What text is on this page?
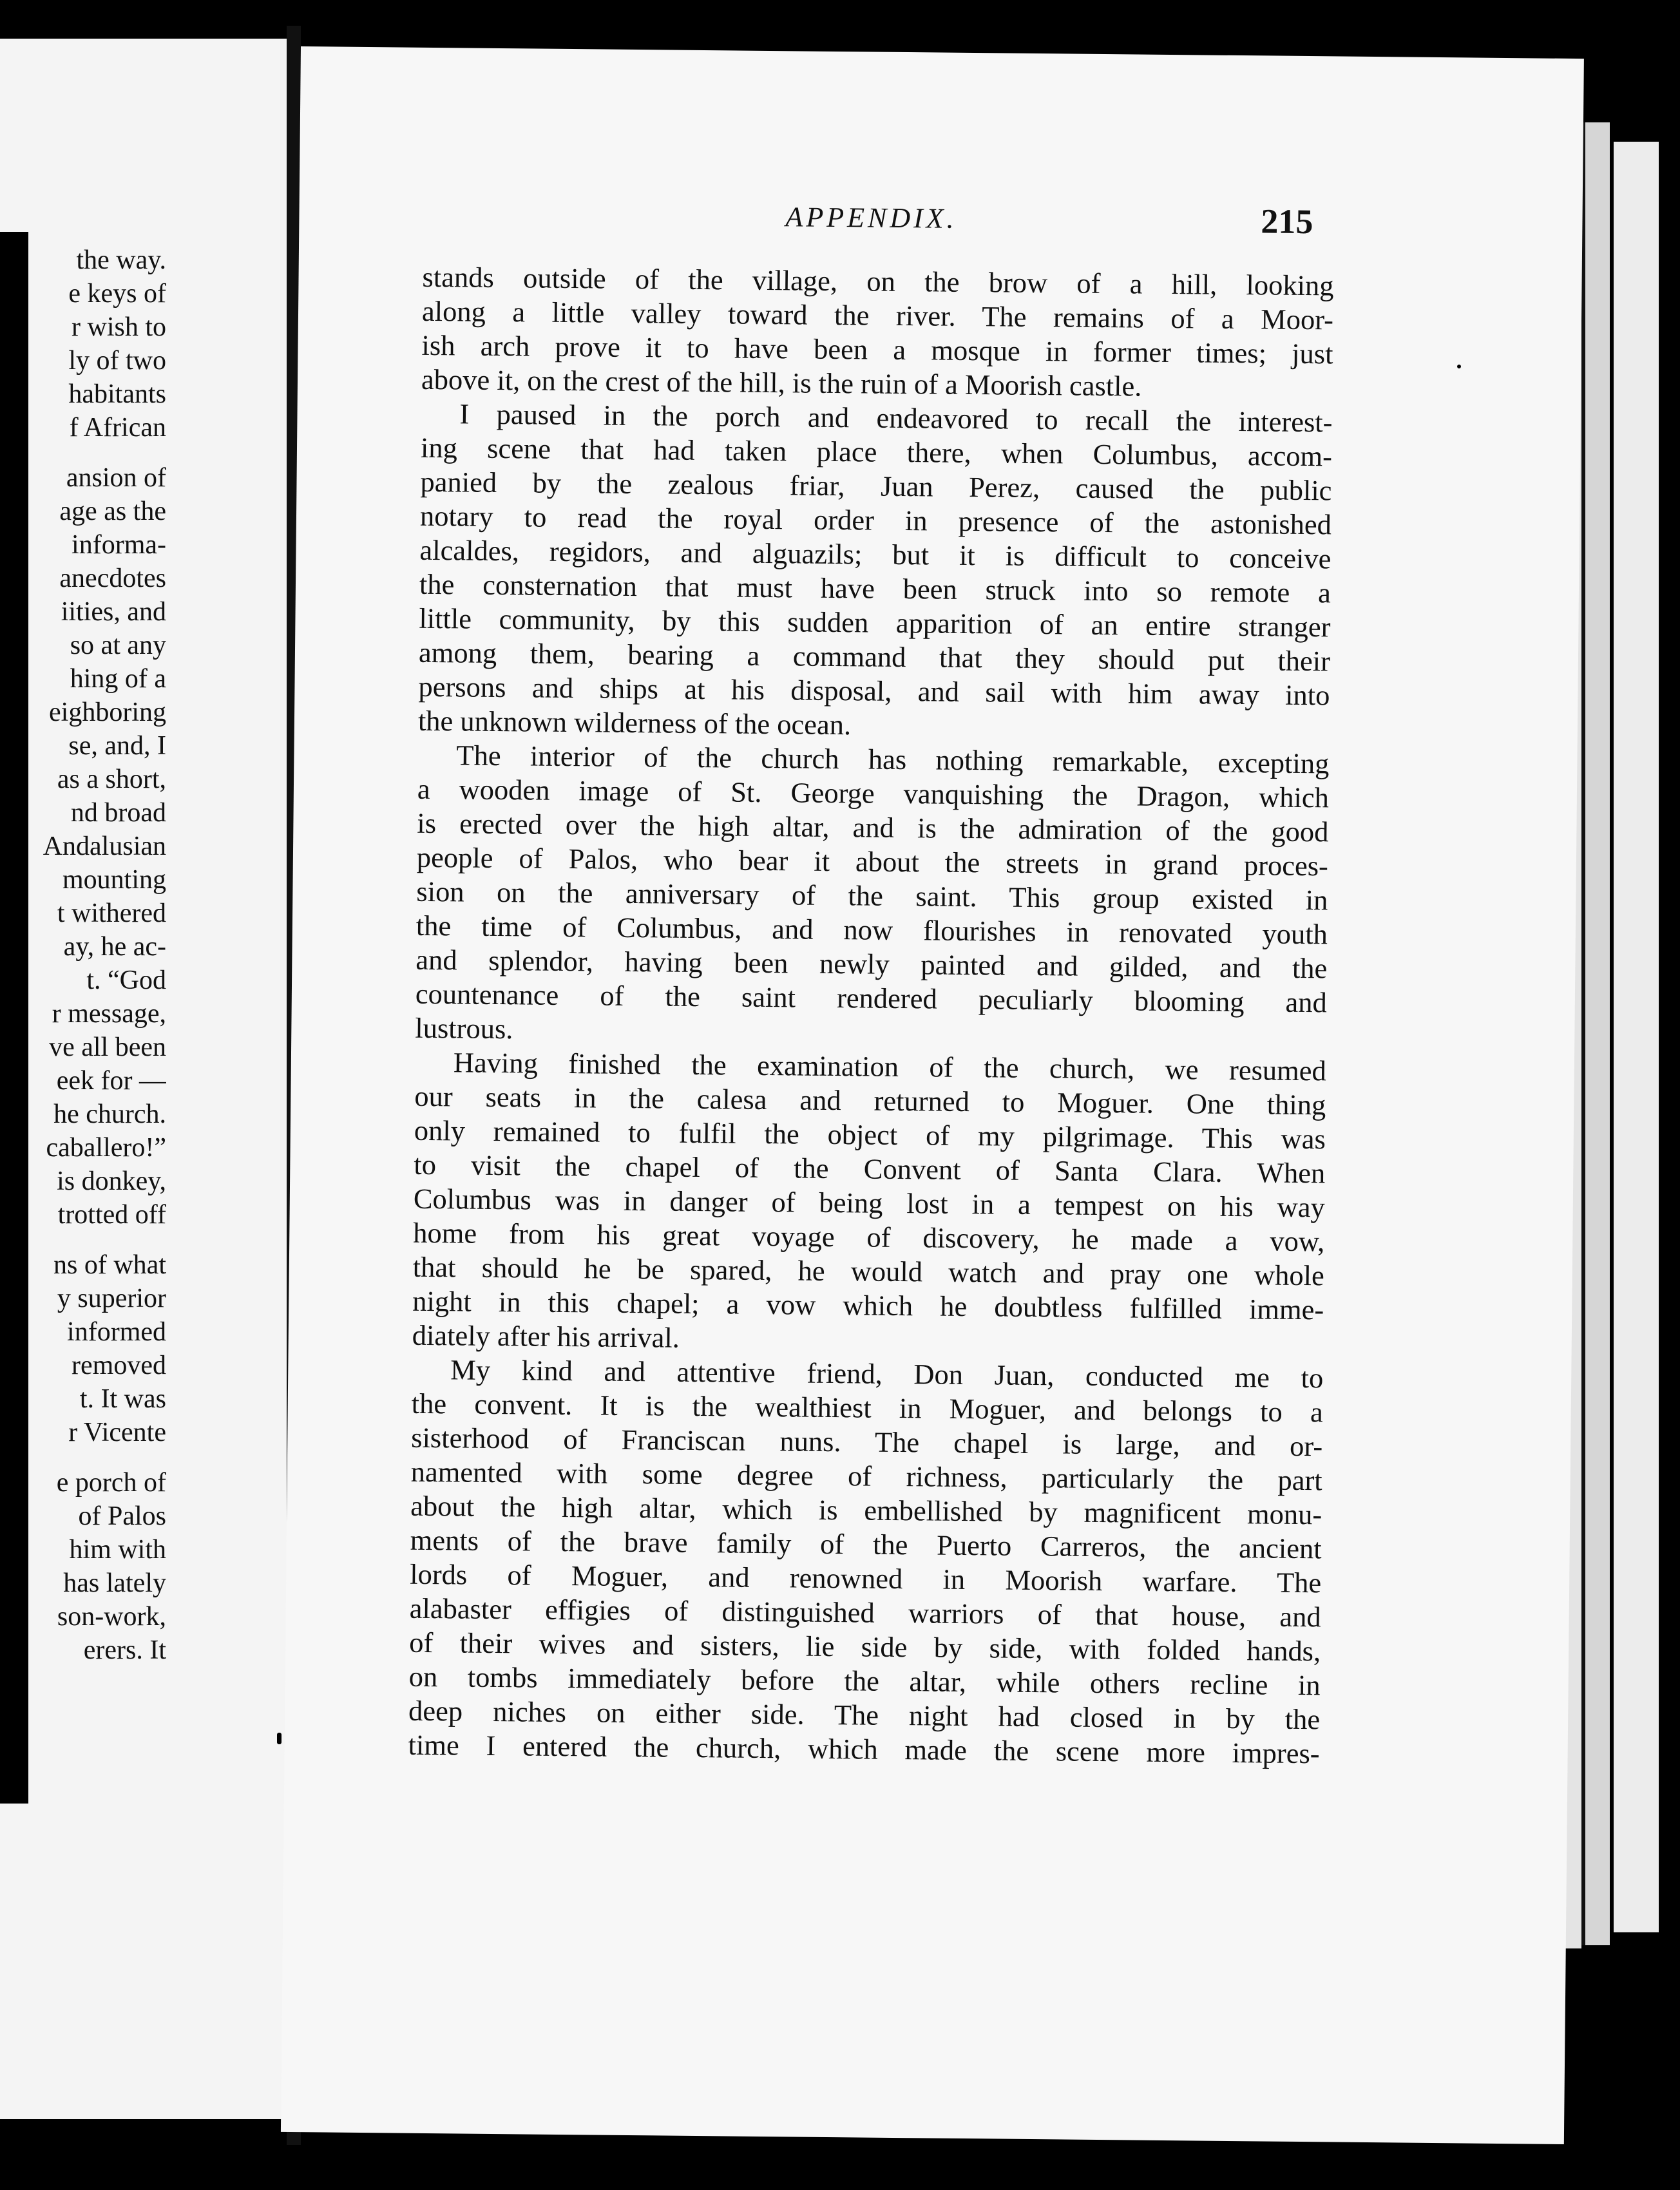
the way.
e keys of
r wish to
ly of two
habitants
f African
ansion of
age as the
informa-
anecdotes
iities, and
so at any
hing of a
eighboring
se, and, I
as a short,
nd broad
Andalusian
mounting
t withered
ay, he ac-
t. “God
r message,
ve all been
eek for —
he church.
caballero!”
is donkey,
trotted off
ns of what
y superior
informed
removed
t. It was
r Vicente
e porch of
of Palos
him with
has lately
son-work,
erers. It
APPENDIX.	215
stands outside of the village, on the brow of a hill, looking
along a little valley toward the river. The remains of a Moor-
ish arch prove it to have been a mosque in former times; just
above it, on the crest of the hill, is the ruin of a Moorish castle.
I paused in the porch and endeavored to recall the interest-
ing scene that had taken place there, when Columbus, accom-
panied by the zealous friar, Juan Perez, caused the public
notary to read the royal order in presence of the astonished
alcaldes, regidors, and alguazils; but it is difficult to conceive
the consternation that must have been struck into so remote a
little community, by this sudden apparition of an entire stranger
among them, bearing a command that they should put their
persons and ships at his disposal, and sail with him away into
the unknown wilderness of the ocean.
The interior of the church has nothing remarkable, excepting
a wooden image of St. George vanquishing the Dragon, which
is erected over the high altar, and is the admiration of the good
people of Palos, who bear it about the streets in grand proces-
sion on the anniversary of the saint. This group existed in
the time of Columbus, and now flourishes in renovated youth
and splendor, having been newly painted and gilded, and the
countenance of the saint rendered peculiarly blooming and
lustrous.
Having finished the examination of the church, we resumed
our seats in the calesa and returned to Moguer. One thing
only remained to fulfil the object of my pilgrimage. This was
to visit the chapel of the Convent of Santa Clara. When
Columbus was in danger of being lost in a tempest on his way
home from his great voyage of discovery, he made a vow,
that should he be spared, he would watch and pray one whole
night in this chapel; a vow which he doubtless fulfilled imme-
diately after his arrival.
My kind and attentive friend, Don Juan, conducted me to
the convent. It is the wealthiest in Moguer, and belongs to a
sisterhood of Franciscan nuns. The chapel is large, and or-
namented with some degree of richness, particularly the part
about the high altar, which is embellished by magnificent monu-
ments of the brave family of the Puerto Carreros, the ancient
lords of Moguer, and renowned in Moorish warfare. The
alabaster effigies of distinguished warriors of that house, and
of their wives and sisters, lie side by side, with folded hands,
on tombs immediately before the altar, while others recline in
deep niches on either side. The night had closed in by the
time I entered the church, which made the scene more impres-
